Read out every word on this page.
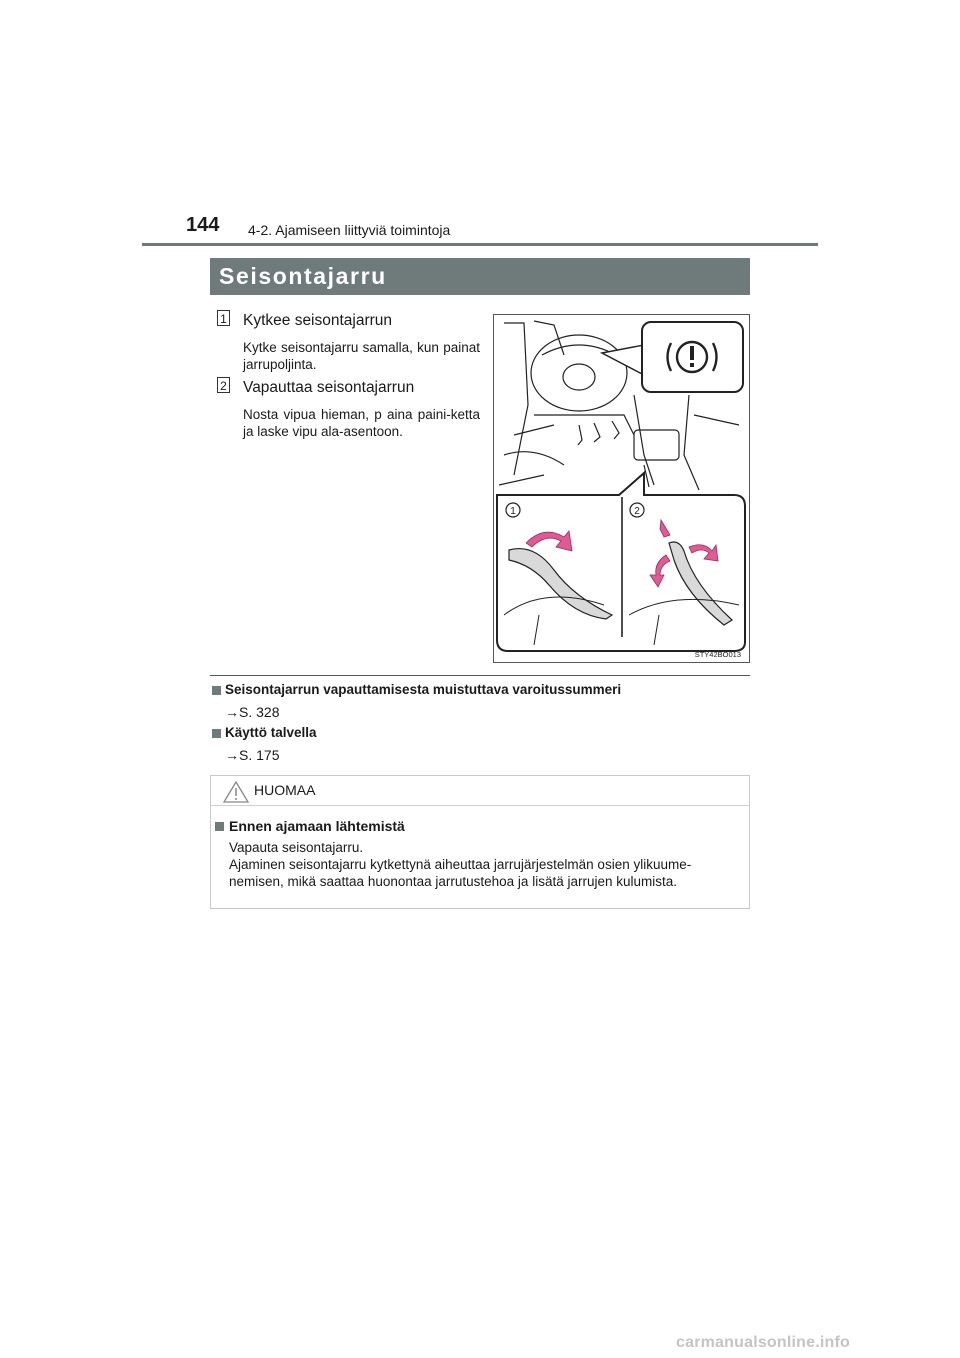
144 4-2. Ajamiseen liittyviä toimintoja
Seisontajarru
1 Kytkee seisontajarrun
Kytke seisontajarru samalla, kun painat jarrupoljinta.
2 Vapauttaa seisontajarrun
Nosta vipua hieman, p aina paini-ketta ja laske vipu ala-asentoon.
1	2
STY42BO013
Seisontajarrun vapauttamisesta muistuttava varoitussummeri
→S. 328
Käyttö talvella
→S. 175
HUOMAA
Ennen ajamaan lähtemistä
Vapauta seisontajarru.
Ajaminen seisontajarru kytkettynä aiheuttaa jarrujärjestelmän osien ylikuume-
nemisen, mikä saattaa huonontaa jarrutustehoa ja lisätä jarrujen kulumista.
carmanualsonline.info
